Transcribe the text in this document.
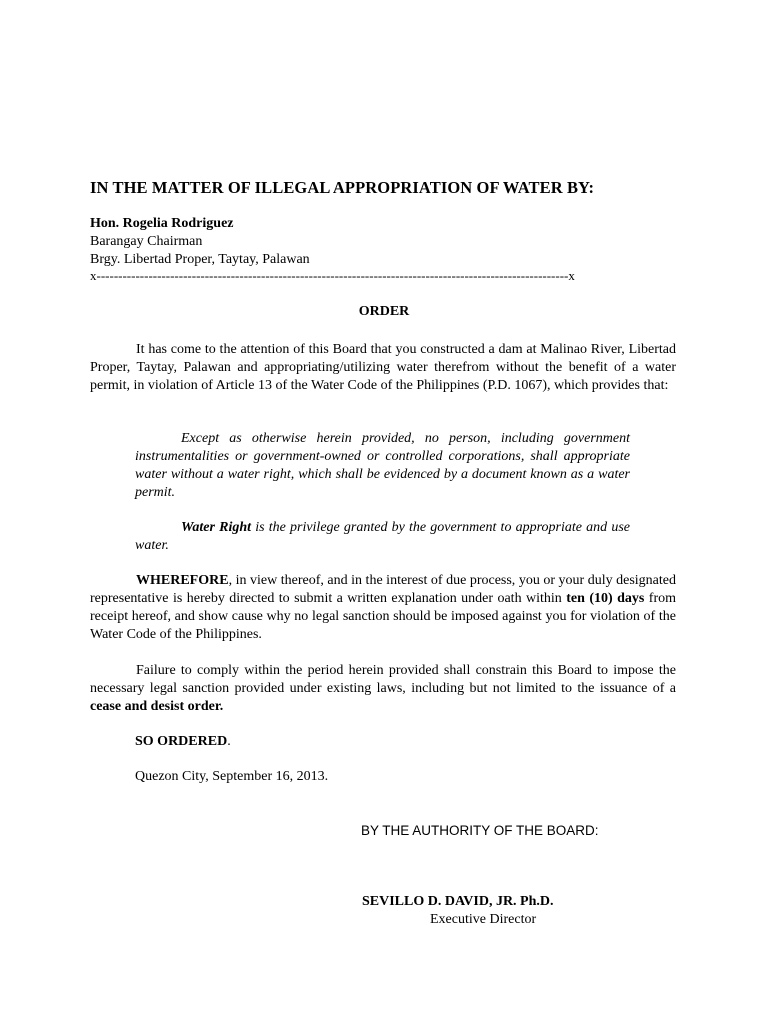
IN THE MATTER OF ILLEGAL APPROPRIATION OF WATER BY:
Hon. Rogelia Rodriguez
Barangay Chairman
Brgy. Libertad Proper, Taytay, Palawan
x-------------------------------------------------------------------------------------------------------------x
ORDER
It has come to the attention of this Board that you constructed a dam at Malinao River, Libertad Proper, Taytay, Palawan and appropriating/utilizing water therefrom without the benefit of a water permit, in violation of Article 13 of the Water Code of the Philippines (P.D. 1067), which provides that:
Except as otherwise herein provided, no person, including government instrumentalities or government-owned or controlled corporations, shall appropriate water without a water right, which shall be evidenced by a document known as a water permit.
Water Right is the privilege granted by the government to appropriate and use water.
WHEREFORE, in view thereof, and in the interest of due process, you or your duly designated representative is hereby directed to submit a written explanation under oath within ten (10) days from receipt hereof, and show cause why no legal sanction should be imposed against you for violation of the Water Code of the Philippines.
Failure to comply within the period herein provided shall constrain this Board to impose the necessary legal sanction provided under existing laws, including but not limited to the issuance of a cease and desist order.
SO ORDERED.
Quezon City, September 16, 2013.
BY THE AUTHORITY OF THE BOARD:
SEVILLO D. DAVID, JR. Ph.D.
Executive Director
